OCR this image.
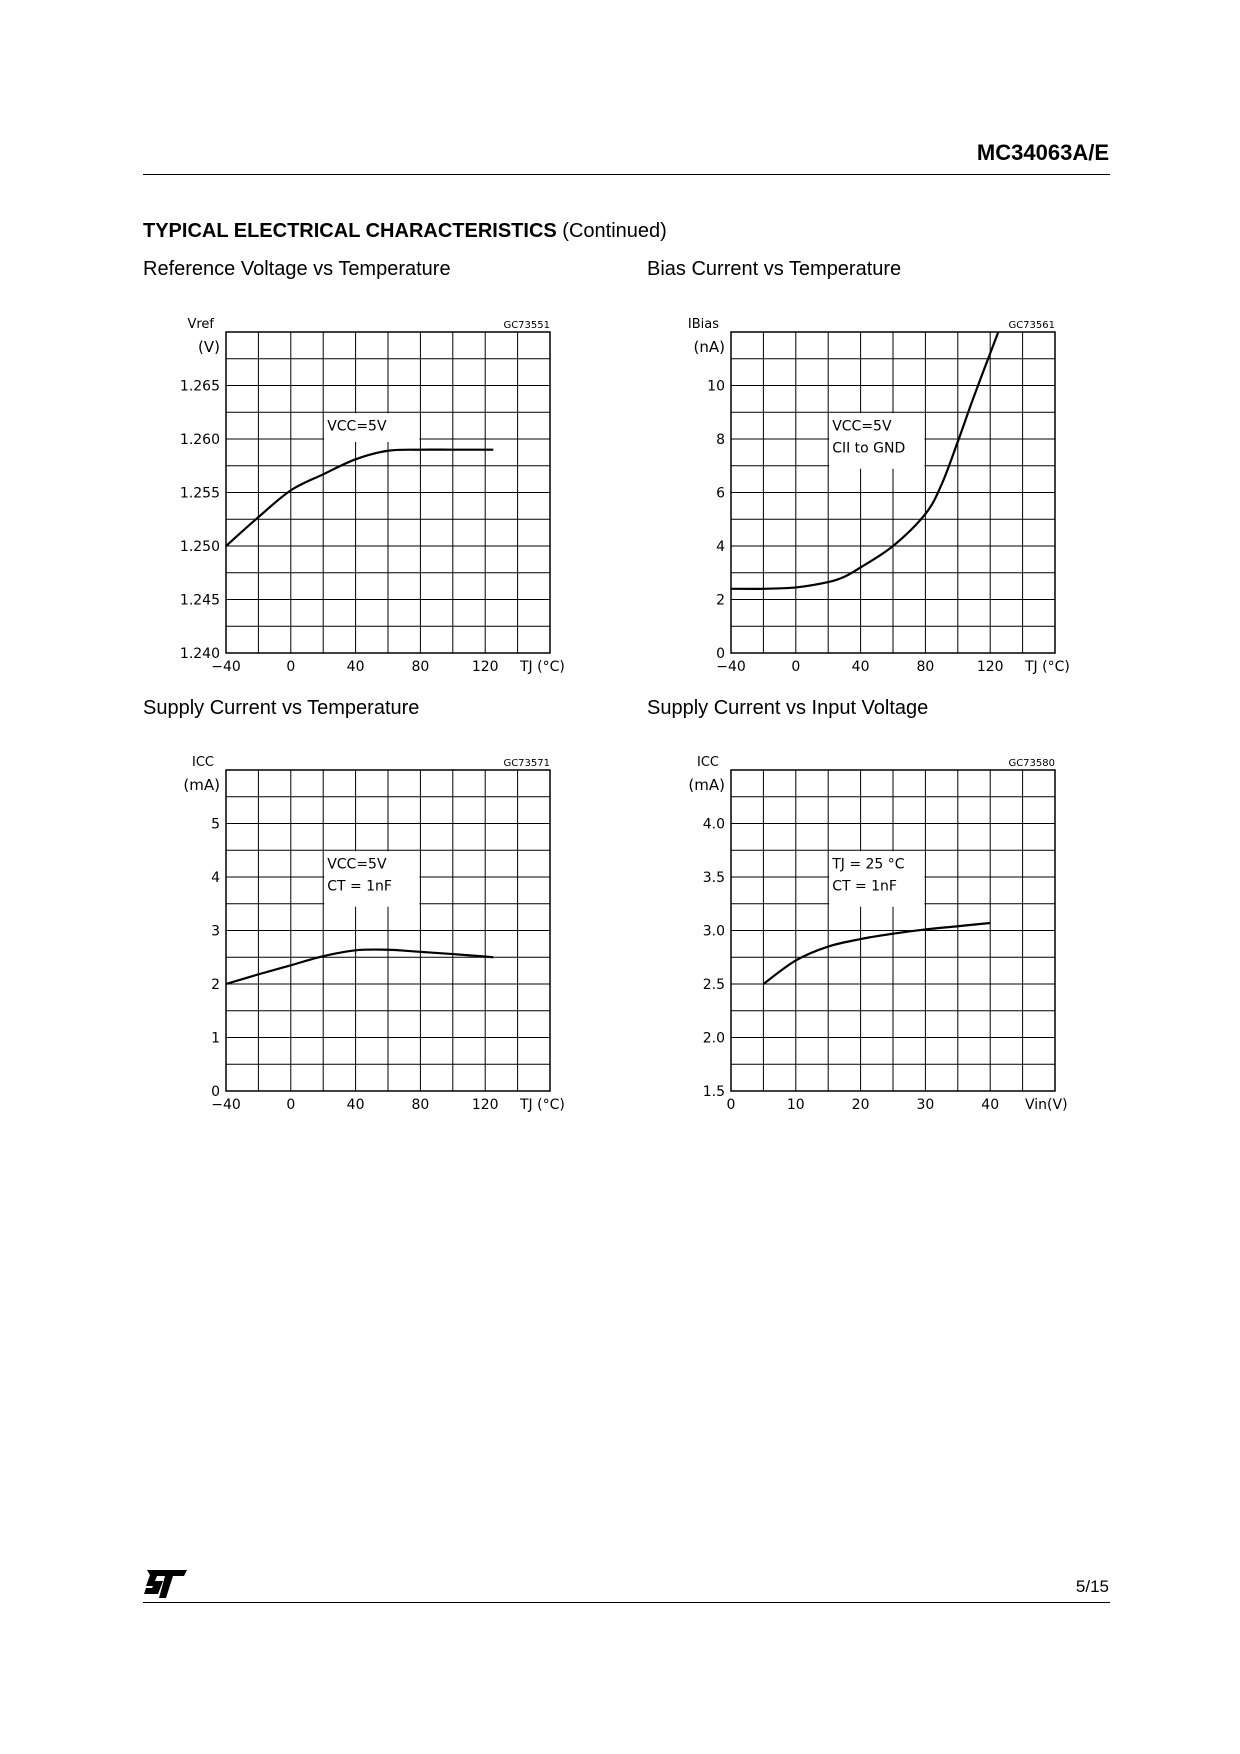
MC34063A/E
TYPICAL ELECTRICAL CHARACTERISTICS (Continued)
Reference Voltage vs Temperature	Bias Current vs Temperature
Supply Current vs Temperature	Supply Current vs Input Voltage
1.240
1.245
1.250
1.255
1.260
1.265
−40	0	40	80	120 TJ (°C)
Vref
(V)
GC73551
VCC=5V
0
2
4
6
8
10
−40	0	40	80	120 TJ (°C)
IBias
(nA)
GC73561
VCC=5V
CII to GND
0
1
2
3
4
5
−40	0	40	80	120 TJ (°C)
ICC
(mA)
GC73571
VCC=5V
CT = 1nF
1.5
2.0
2.5
3.0
3.5
4.0
0	10	20	30	40 Vin(V)
ICC
(mA)
GC73580
TJ = 25 °C
CT = 1nF
5/15
